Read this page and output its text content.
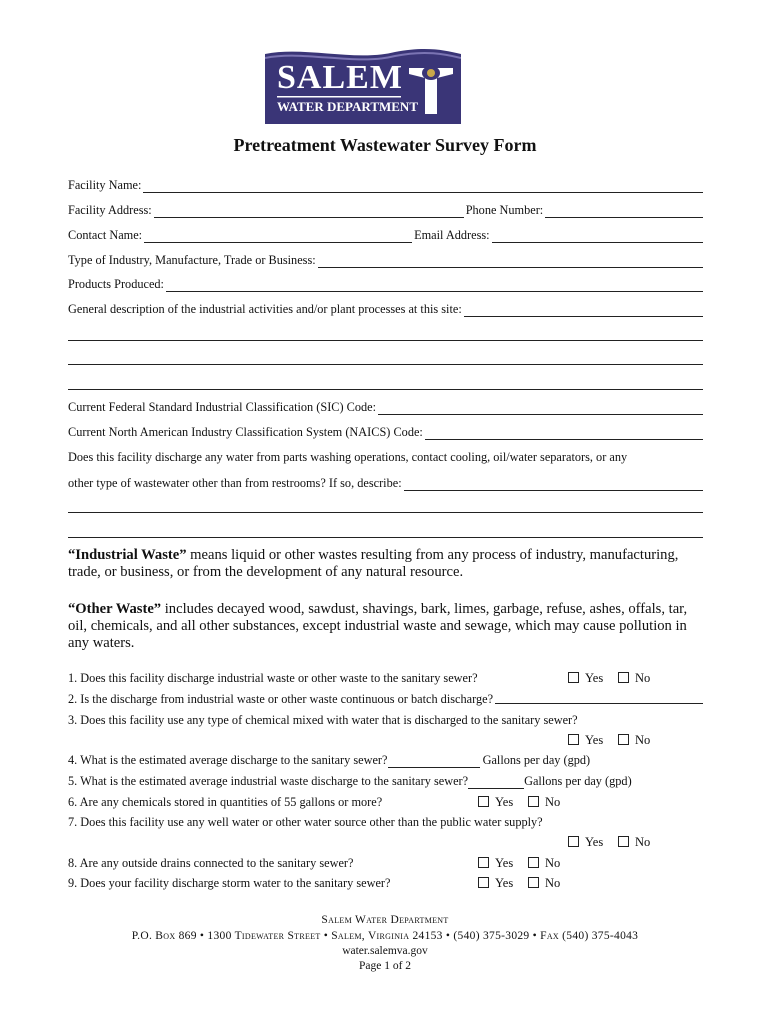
SALEM
WATER DEPARTMENT
Pretreatment Wastewater Survey Form
Facility Name:
Facility Address:	Phone Number:
Contact Name:	Email Address:
Type of Industry, Manufacture, Trade or Business:
Products Produced:
General description of the industrial activities and/or plant processes at this site:
Current Federal Standard Industrial Classification (SIC) Code:
Current North American Industry Classification System (NAICS) Code:
Does this facility discharge any water from parts washing operations, contact cooling, oil/water separators, or any
other type of wastewater other than from restrooms? If so, describe:
“Industrial Waste” means liquid or other wastes resulting from any process of industry, manufacturing, trade, or business, or from the development of any natural resource.
“Other Waste” includes decayed wood, sawdust, shavings, bark, limes, garbage, refuse, ashes, offals, tar, oil, chemicals, and all other substances, except industrial waste and sewage, which may cause pollution in any waters.
1. Does this facility discharge industrial waste or other waste to the sanitary sewer?	Yes	No
2. Is the discharge from industrial waste or other waste continuous or batch discharge?
3. Does this facility use any type of chemical mixed with water that is discharged to the sanitary sewer?
Yes	No
4. What is the estimated average discharge to the sanitary sewer?	Gallons per day (gpd)
5. What is the estimated average industrial waste discharge to the sanitary sewer?	Gallons per day (gpd)
6. Are any chemicals stored in quantities of 55 gallons or more?	Yes	No
7. Does this facility use any well water or other water source other than the public water supply?
Yes	No
8. Are any outside drains connected to the sanitary sewer?	Yes	No
9. Does your facility discharge storm water to the sanitary sewer?	Yes	No
Salem Water Department
P.O. Box 869 • 1300 Tidewater Street • Salem, Virginia 24153 • (540) 375-3029 • Fax (540) 375-4043
water.salemva.gov
Page 1 of 2
